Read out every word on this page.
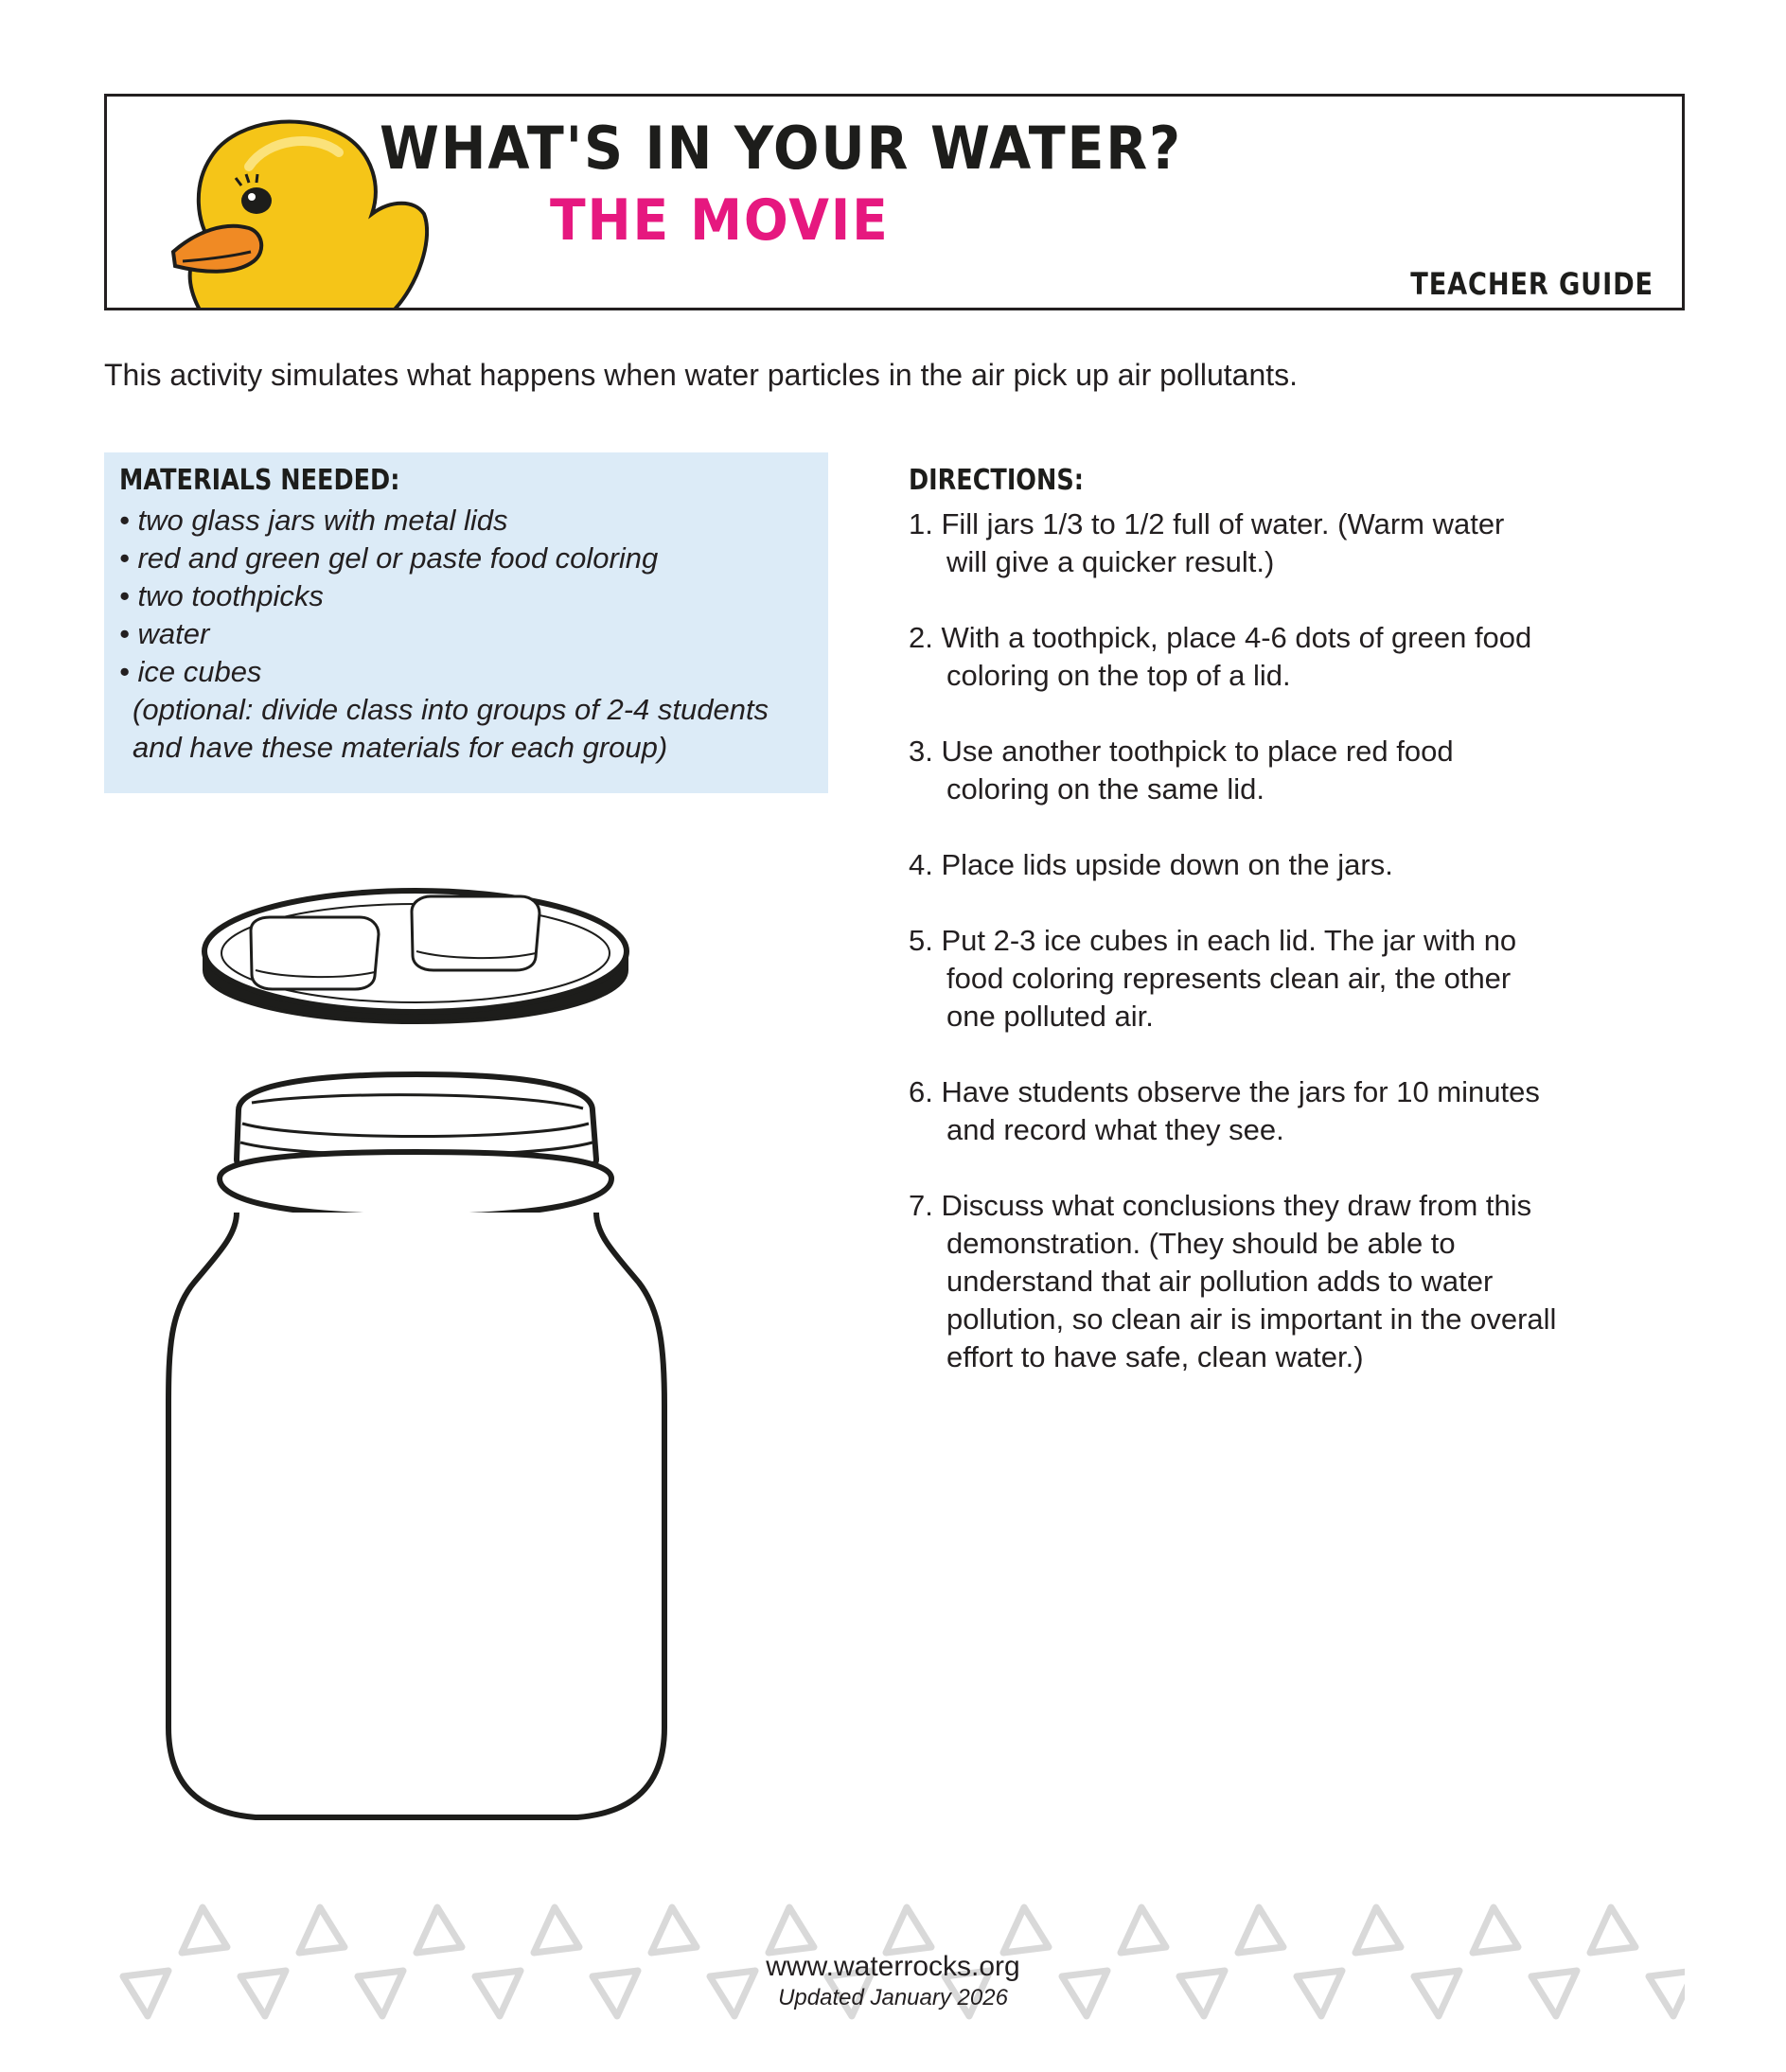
WHAT'S IN YOUR WATER?
THE MOVIE
TEACHER GUIDE
This activity simulates what happens when water particles in the air pick up air pollutants.
MATERIALS NEEDED:
• two glass jars with metal lids
• red and green gel or paste food coloring
• two toothpicks
• water
• ice cubes
(optional: divide class into groups of 2-4 students
and have these materials for each group)
DIRECTIONS:
1. Fill jars 1/3 to 1/2 full of water. (Warm water
will give a quicker result.)
2. With a toothpick, place 4-6 dots of green food
coloring on the top of a lid.
3. Use another toothpick to place red food
coloring on the same lid.
4. Place lids upside down on the jars.
5. Put 2-3 ice cubes in each lid. The jar with no
food coloring represents clean air, the other
one polluted air.
6. Have students observe the jars for 10 minutes
and record what they see.
7. Discuss what conclusions they draw from this
demonstration. (They should be able to
understand that air pollution adds to water
pollution, so clean air is important in the overall
effort to have safe, clean water.)
www.waterrocks.org
Updated January 2026
